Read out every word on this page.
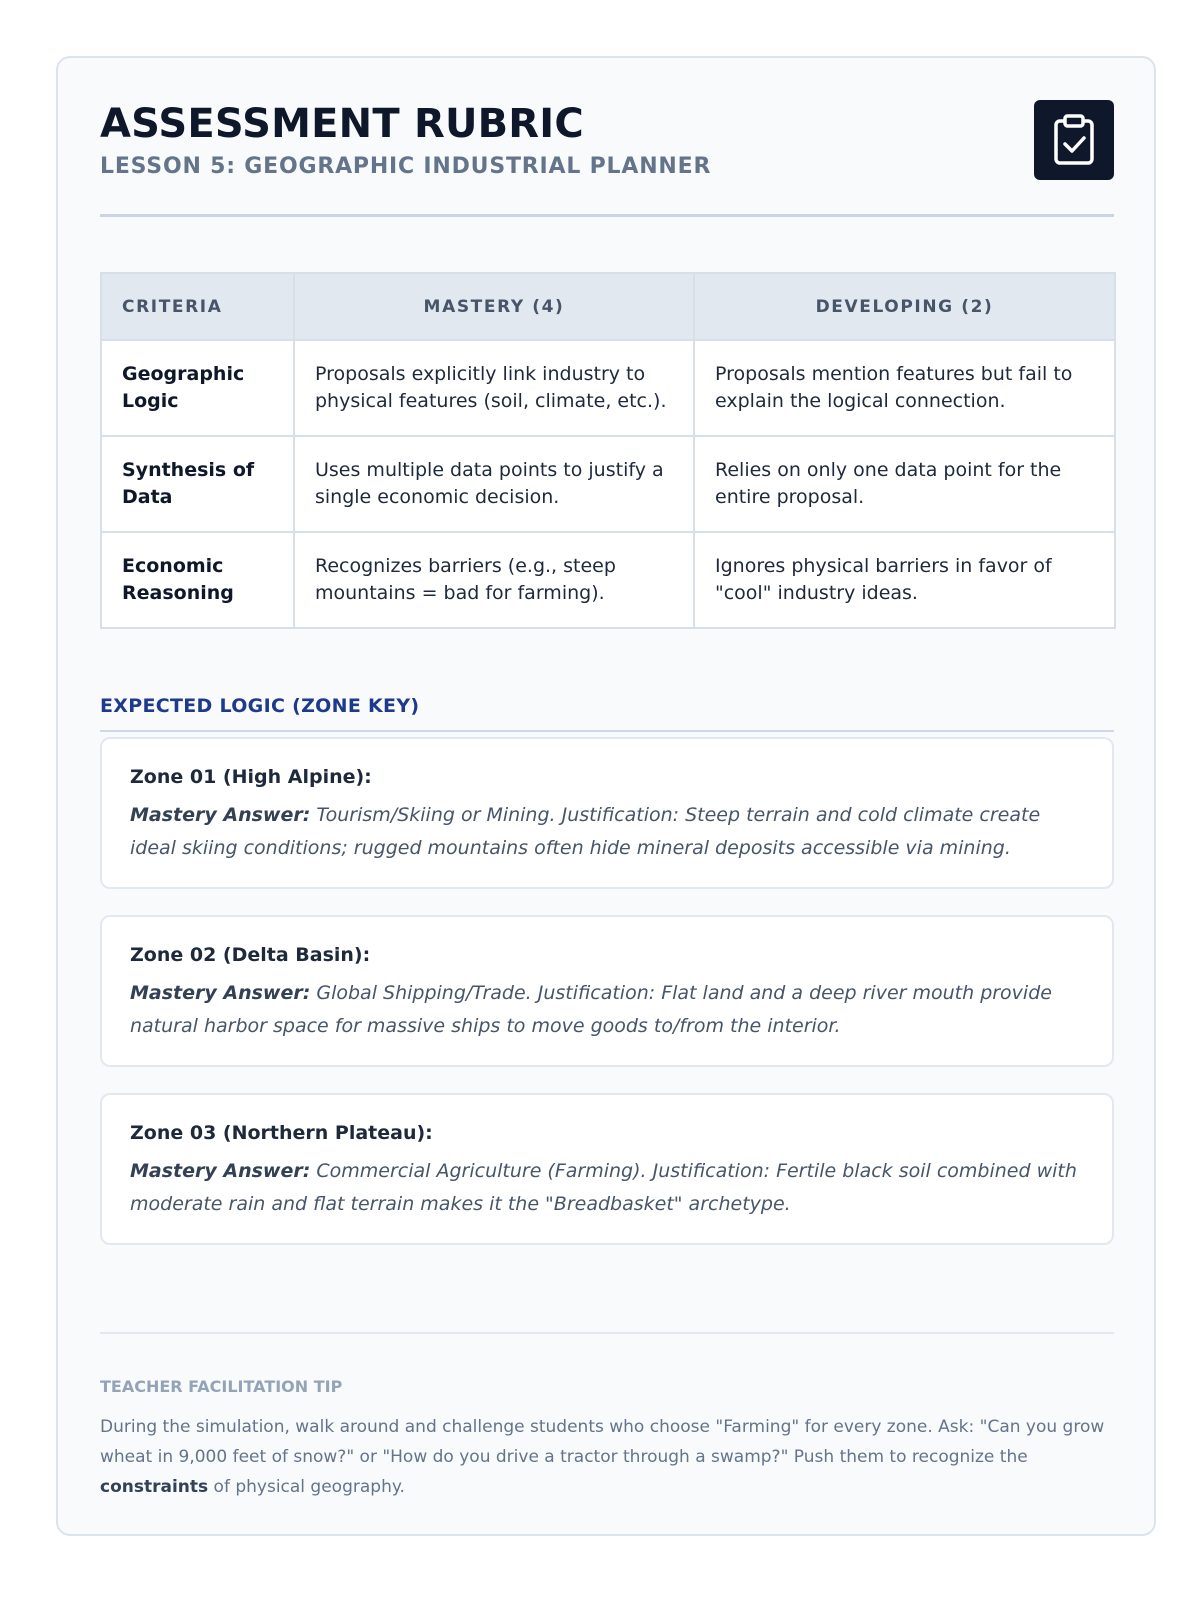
ASSESSMENT RUBRIC
LESSON 5: GEOGRAPHIC INDUSTRIAL PLANNER
CRITERIA	MASTERY (4)	DEVELOPING (2)
Geographic Logic	Proposals explicitly link industry to physical features (soil, climate, etc.).	Proposals mention features but fail to explain the logical connection.
Synthesis of Data	Uses multiple data points to justify a single economic decision.	Relies on only one data point for the entire proposal.
Economic Reasoning	Recognizes barriers (e.g., steep mountains = bad for farming).	Ignores physical barriers in favor of "cool" industry ideas.
EXPECTED LOGIC (ZONE KEY)

Zone 01 (High Alpine):

Mastery Answer: Tourism/Skiing or Mining. Justification: Steep terrain and cold climate create ideal skiing conditions; rugged mountains often hide mineral deposits accessible via mining.

Zone 02 (Delta Basin):

Mastery Answer: Global Shipping/Trade. Justification: Flat land and a deep river mouth provide natural harbor space for massive ships to move goods to/from the interior.

Zone 03 (Northern Plateau):

Mastery Answer: Commercial Agriculture (Farming). Justification: Fertile black soil combined with moderate rain and flat terrain makes it the "Breadbasket" archetype.

TEACHER FACILITATION TIP

During the simulation, walk around and challenge students who choose "Farming" for every zone. Ask: "Can you grow wheat in 9,000 feet of snow?" or "How do you drive a tractor through a swamp?" Push them to recognize the constraints of physical geography.
